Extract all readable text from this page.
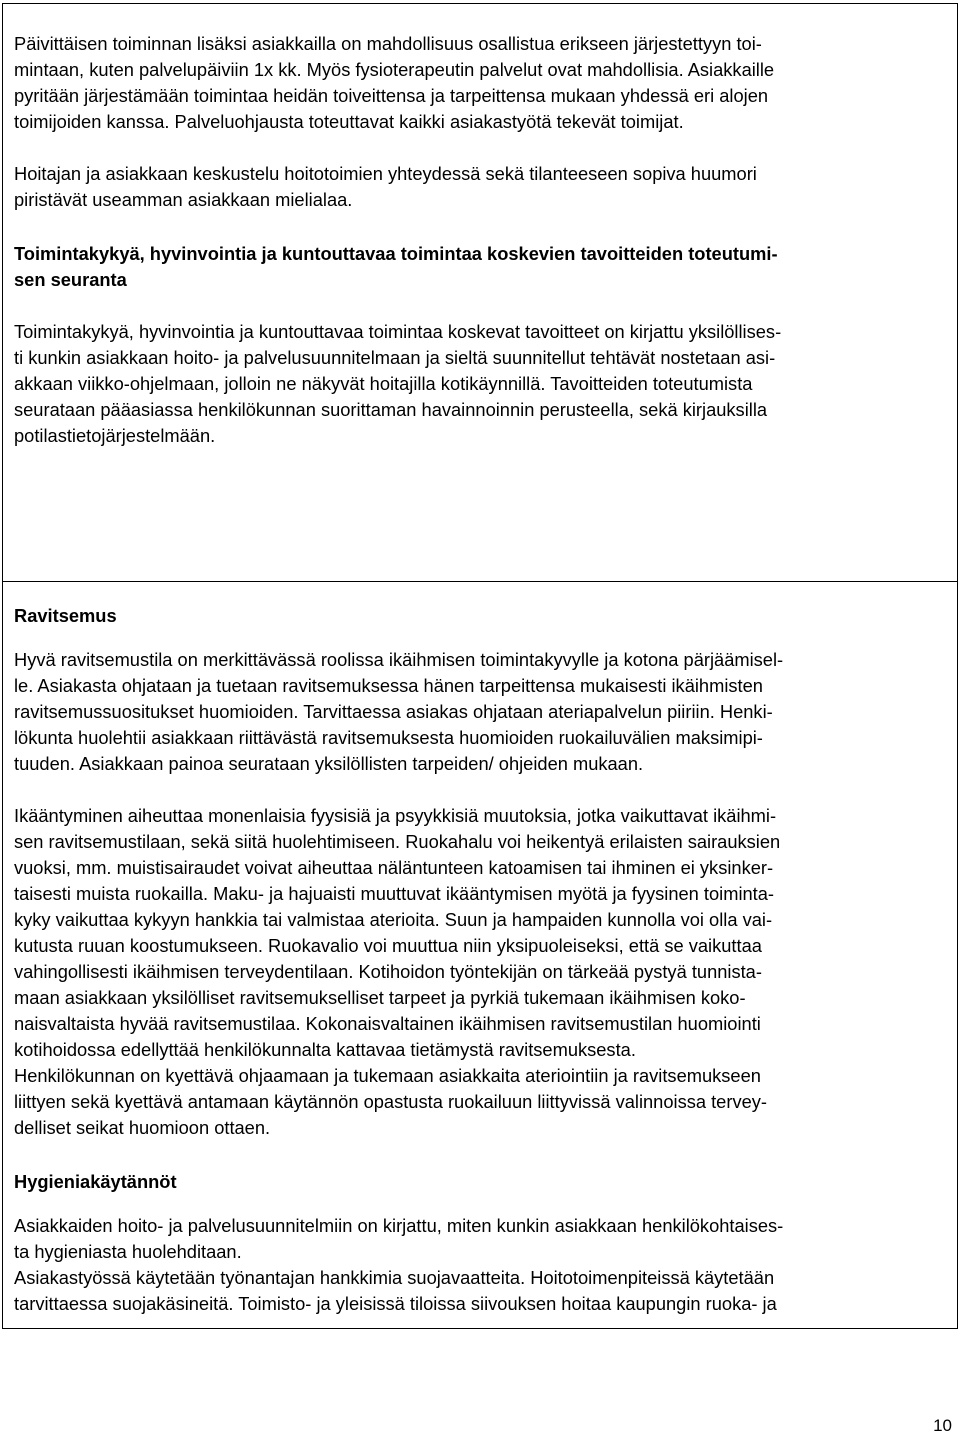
Päivittäisen toiminnan lisäksi asiakkailla on mahdollisuus osallistua erikseen järjestettyyn toi-
mintaan, kuten palvelupäiviin 1x kk. Myös fysioterapeutin palvelut ovat mahdollisia. Asiakkaille
pyritään järjestämään toimintaa heidän toiveittensa ja tarpeittensa mukaan yhdessä eri alojen
toimijoiden kanssa. Palveluohjausta toteuttavat kaikki asiakastyötä tekevät toimijat.

Hoitajan ja asiakkaan keskustelu hoitotoimien yhteydessä sekä tilanteeseen sopiva huumori
piristävät useamman asiakkaan mielialaa.

Toimintakykyä, hyvinvointia ja kuntouttavaa toimintaa koskevien tavoitteiden toteutumi-
sen seuranta

Toimintakykyä, hyvinvointia ja kuntouttavaa toimintaa koskevat tavoitteet on kirjattu yksilöllises-
ti kunkin asiakkaan hoito- ja palvelusuunnitelmaan ja sieltä suunnitellut tehtävät nostetaan asi-
akkaan viikko-ohjelmaan, jolloin ne näkyvät hoitajilla kotikäynnillä. Tavoitteiden toteutumista
seurataan pääasiassa henkilökunnan suorittaman havainnoinnin perusteella, sekä kirjauksilla
potilastietojärjestelmään.

Ravitsemus

Hyvä ravitsemustila on merkittävässä roolissa ikäihmisen toimintakyvylle ja kotona pärjäämisel-
le. Asiakasta ohjataan ja tuetaan ravitsemuksessa hänen tarpeittensa mukaisesti ikäihmisten
ravitsemussuositukset huomioiden. Tarvittaessa asiakas ohjataan ateriapalvelun piiriin. Henki-
lökunta huolehtii asiakkaan riittävästä ravitsemuksesta huomioiden ruokailuvälien maksimipi-
tuuden. Asiakkaan painoa seurataan yksilöllisten tarpeiden/ ohjeiden mukaan.

Ikääntyminen aiheuttaa monenlaisia fyysisiä ja psyykkisiä muutoksia, jotka vaikuttavat ikäihmi-
sen ravitsemustilaan, sekä siitä huolehtimiseen. Ruokahalu voi heikentyä erilaisten sairauksien
vuoksi, mm. muistisairaudet voivat aiheuttaa näläntunteen katoamisen tai ihminen ei yksinker-
taisesti muista ruokailla. Maku- ja hajuaisti muuttuvat ikääntymisen myötä ja fyysinen toiminta-
kyky vaikuttaa kykyyn hankkia tai valmistaa aterioita. Suun ja hampaiden kunnolla voi olla vai-
kutusta ruuan koostumukseen. Ruokavalio voi muuttua niin yksipuoleiseksi, että se vaikuttaa
vahingollisesti ikäihmisen terveydentilaan. Kotihoidon työntekijän on tärkeää pystyä tunnista-
maan asiakkaan yksilölliset ravitsemukselliset tarpeet ja pyrkiä tukemaan ikäihmisen koko-
naisvaltaista hyvää ravitsemustilaa. Kokonaisvaltainen ikäihmisen ravitsemustilan huomiointi
kotihoidossa edellyttää henkilökunnalta kattavaa tietämystä ravitsemuksesta.
Henkilökunnan on kyettävä ohjaamaan ja tukemaan asiakkaita ateriointiin ja ravitsemukseen
liittyen sekä kyettävä antamaan käytännön opastusta ruokailuun liittyvissä valinnoissa tervey-
delliset seikat huomioon ottaen.

Hygieniakäytännöt

Asiakkaiden hoito- ja palvelusuunnitelmiin on kirjattu, miten kunkin asiakkaan henkilökohtaises-
ta hygieniasta huolehditaan.
Asiakastyössä käytetään työnantajan hankkimia suojavaatteita. Hoitotoimenpiteissä käytetään
tarvittaessa suojakäsineitä. Toimisto- ja yleisissä tiloissa siivouksen hoitaa kaupungin ruoka- ja

10
